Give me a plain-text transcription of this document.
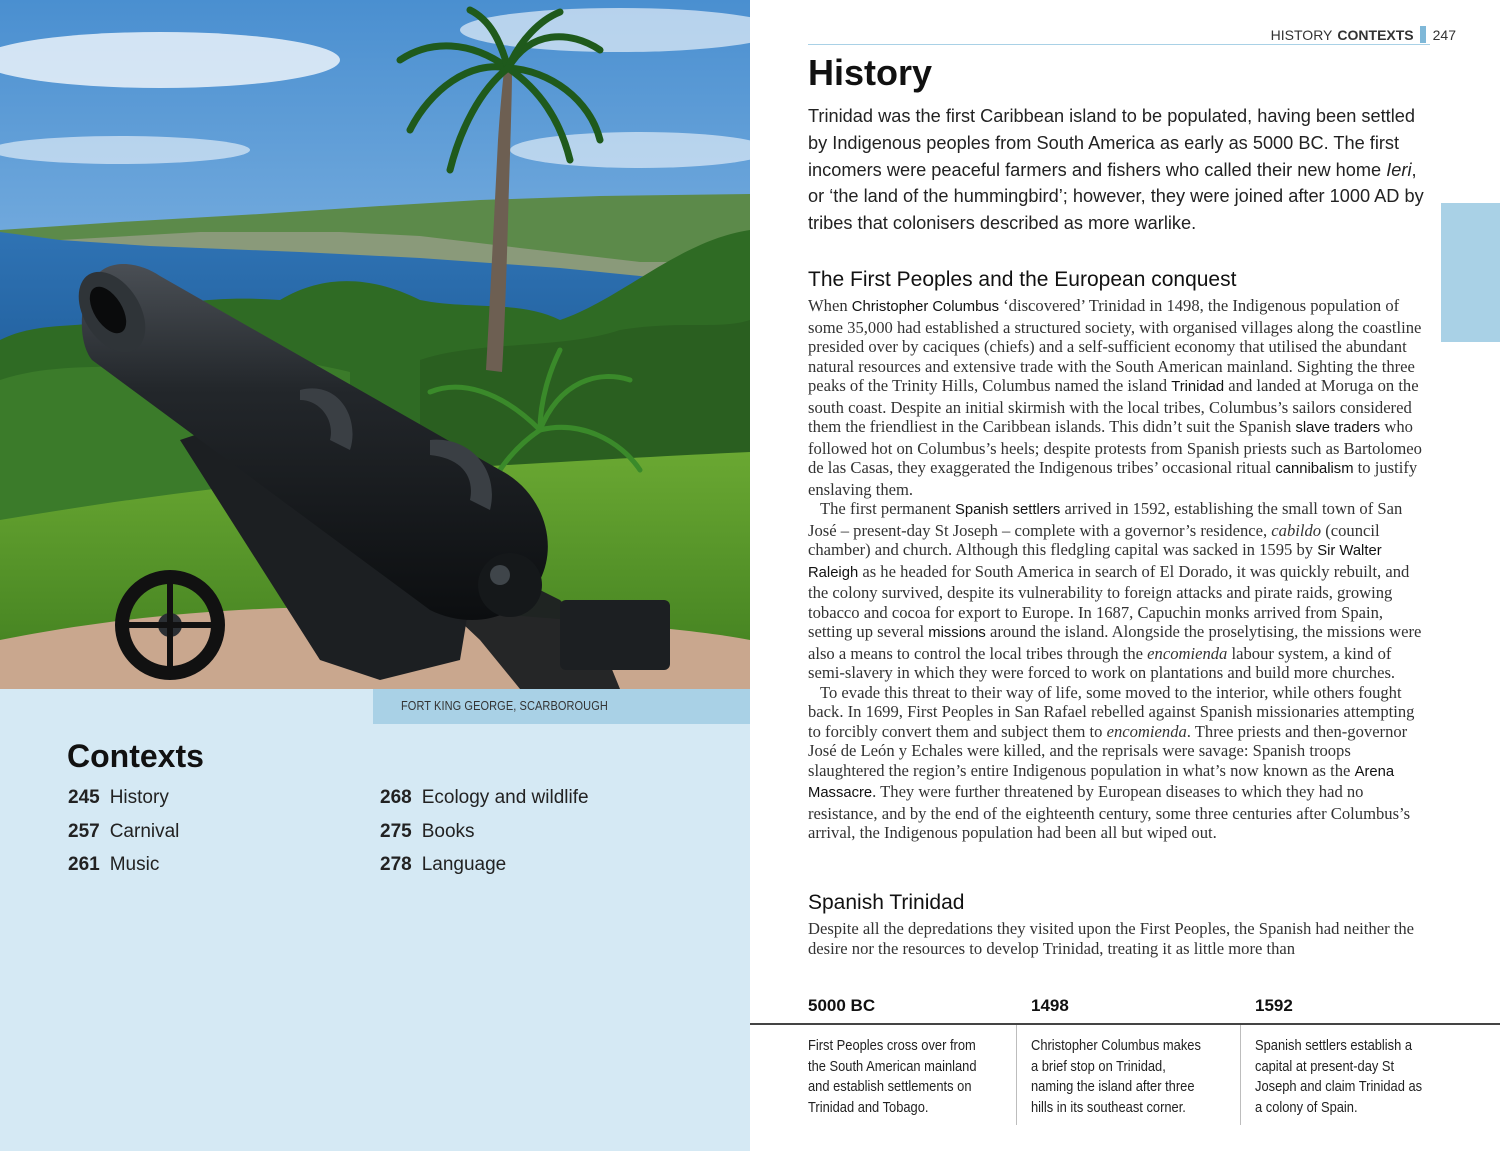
FORT KING GEORGE, SCARBOROUGH
Contexts
245 History
257 Carnival
261 Music
268 Ecology and wildlife
275 Books
278 Language
HISTORY CONTEXTS 247
History

Trinidad was the first Caribbean island to be populated, having been settled by Indigenous peoples from South America as early as 5000 BC. The first incomers were peaceful farmers and fishers who called their new home Ieri, or ‘the land of the hummingbird’; however, they were joined after 1000 AD by tribes that colonisers described as more warlike.

The First Peoples and the European conquest

When Christopher Columbus ‘discovered’ Trinidad in 1498, the Indigenous population of some 35,000 had established a structured society, with organised villages along the coastline presided over by caciques (chiefs) and a self-sufficient economy that utilised the abundant natural resources and extensive trade with the South American mainland. Sighting the three peaks of the Trinity Hills, Columbus named the island Trinidad and landed at Moruga on the south coast. Despite an initial skirmish with the local tribes, Columbus’s sailors considered them the friendliest in the Caribbean islands. This didn’t suit the Spanish slave traders who followed hot on Columbus’s heels; despite protests from Spanish priests such as Bartolomeo de las Casas, they exaggerated the Indigenous tribes’ occasional ritual cannibalism to justify enslaving them.

The first permanent Spanish settlers arrived in 1592, establishing the small town of San José – present-day St Joseph – complete with a governor’s residence, cabildo (council chamber) and church. Although this fledgling capital was sacked in 1595 by Sir Walter Raleigh as he headed for South America in search of El Dorado, it was quickly rebuilt, and the colony survived, despite its vulnerability to foreign attacks and pirate raids, growing tobacco and cocoa for export to Europe. In 1687, Capuchin monks arrived from Spain, setting up several missions around the island. Alongside the proselytising, the missions were also a means to control the local tribes through the encomienda labour system, a kind of semi-slavery in which they were forced to work on plantations and build more churches.

To evade this threat to their way of life, some moved to the interior, while others fought back. In 1699, First Peoples in San Rafael rebelled against Spanish missionaries attempting to forcibly convert them and subject them to encomienda. Three priests and then-governor José de León y Echales were killed, and the reprisals were savage: Spanish troops slaughtered the region’s entire Indigenous population in what’s now known as the Arena Massacre. They were further threatened by European diseases to which they had no resistance, and by the end of the eighteenth century, some three centuries after Columbus’s arrival, the Indigenous population had been all but wiped out.

Spanish Trinidad

Despite all the depredations they visited upon the First Peoples, the Spanish had neither the desire nor the resources to develop Trinidad, treating it as little more than

5000 BC	1498	1592
First Peoples cross over from the South American mainland and establish settlements on Trinidad and Tobago.
Christopher Columbus makes a brief stop on Trinidad, naming the island after three hills in its southeast corner.
Spanish settlers establish a capital at present-day St Joseph and claim Trinidad as a colony of Spain.
